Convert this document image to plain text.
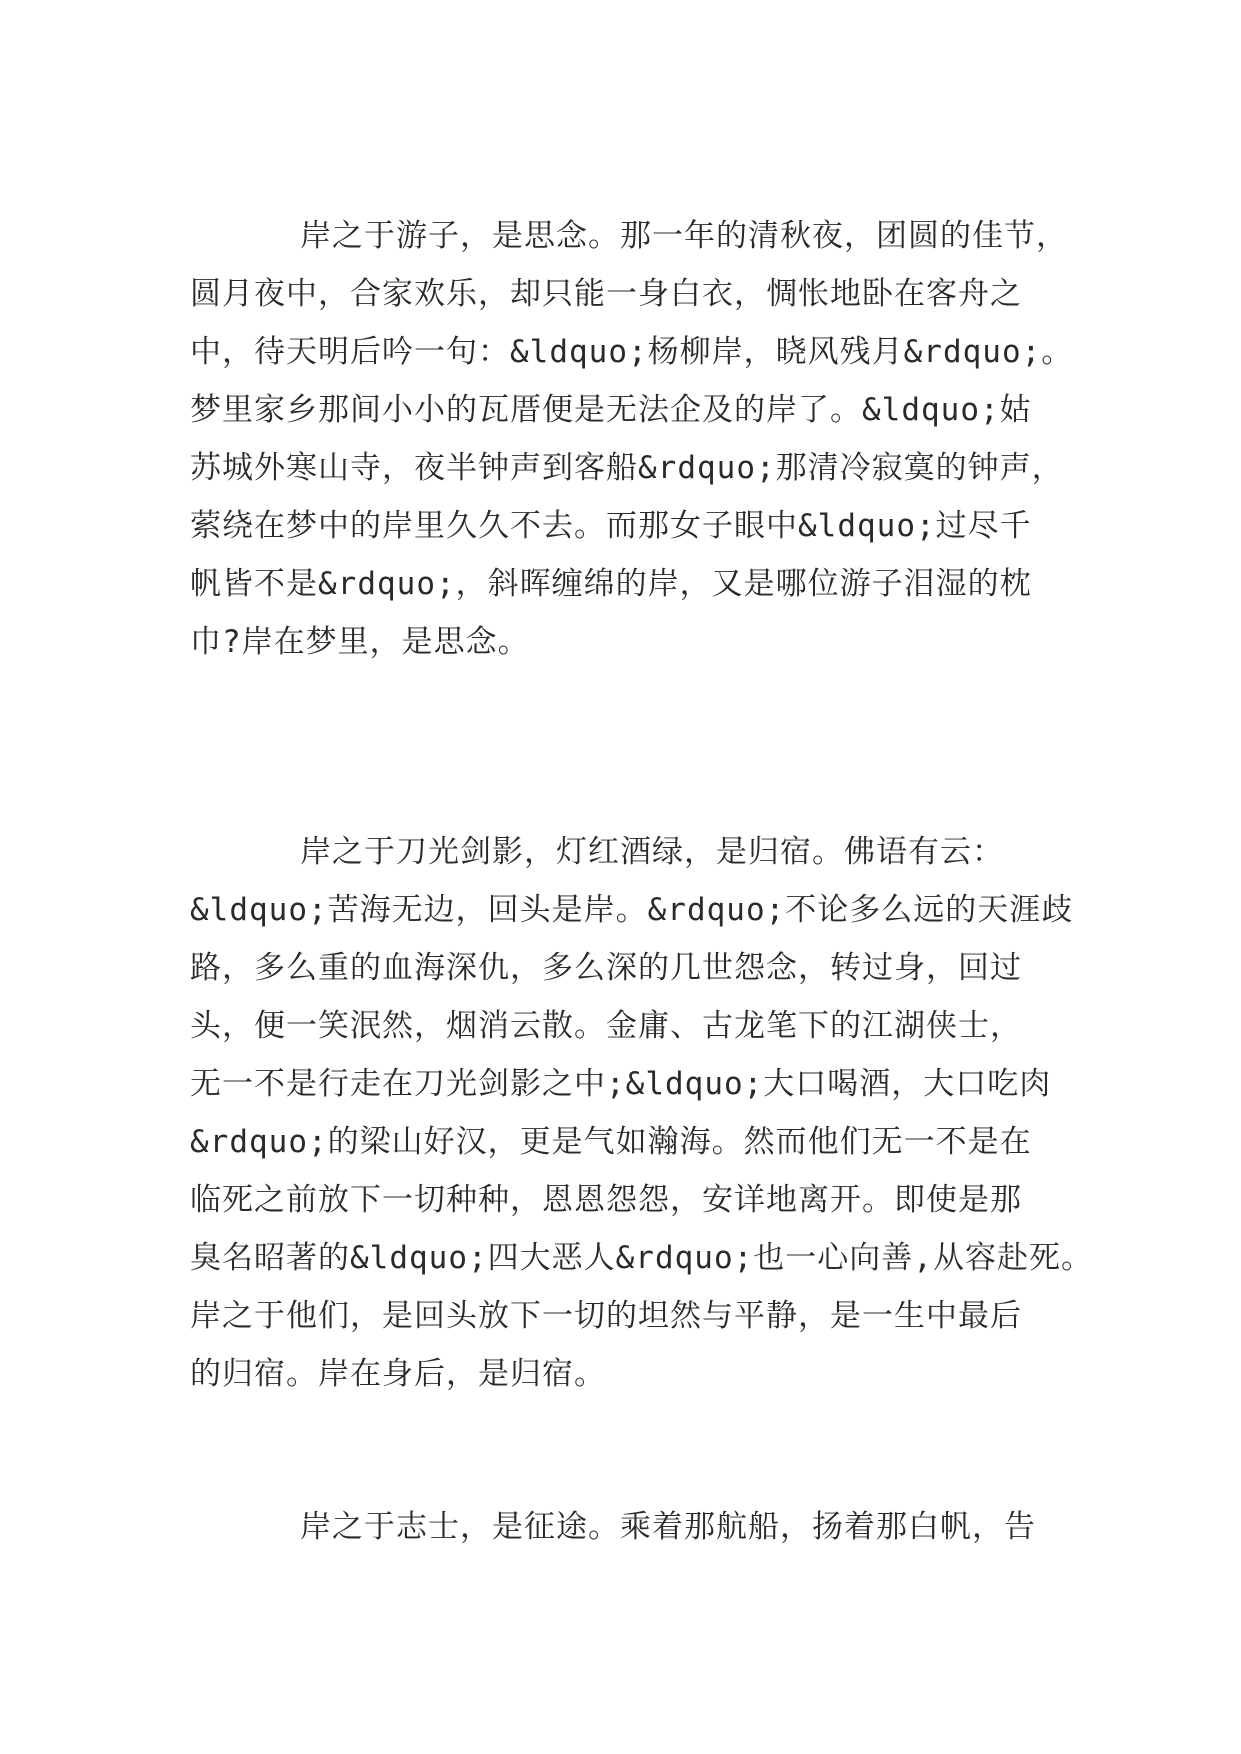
岸之于游子，是思念。那一年的清秋夜，团圆的佳节，
圆月夜中，合家欢乐，却只能一身白衣，惆怅地卧在客舟之
中，待天明后吟一句：&ldquo;杨柳岸，晓风残月&rdquo;。
梦里家乡那间小小的瓦厝便是无法企及的岸了。&ldquo;姑
苏城外寒山寺，夜半钟声到客船&rdquo;那清冷寂寞的钟声，
萦绕在梦中的岸里久久不去。而那女子眼中&ldquo;过尽千
帆皆不是&rdquo;，斜晖缠绵的岸，又是哪位游子泪湿的枕
巾?岸在梦里，是思念。
岸之于刀光剑影，灯红酒绿，是归宿。佛语有云：
&ldquo;苦海无边，回头是岸。&rdquo;不论多么远的天涯歧
路，多么重的血海深仇，多么深的几世怨念，转过身，回过
头，便一笑泯然，烟消云散。金庸、古龙笔下的江湖侠士，
无一不是行走在刀光剑影之中;&ldquo;大口喝酒，大口吃肉
&rdquo;的梁山好汉，更是气如瀚海。然而他们无一不是在
临死之前放下一切种种，恩恩怨怨，安详地离开。即使是那
臭名昭著的&ldquo;四大恶人&rdquo;也一心向善,从容赴死。
岸之于他们，是回头放下一切的坦然与平静，是一生中最后
的归宿。岸在身后，是归宿。
岸之于志士，是征途。乘着那航船，扬着那白帆，告
